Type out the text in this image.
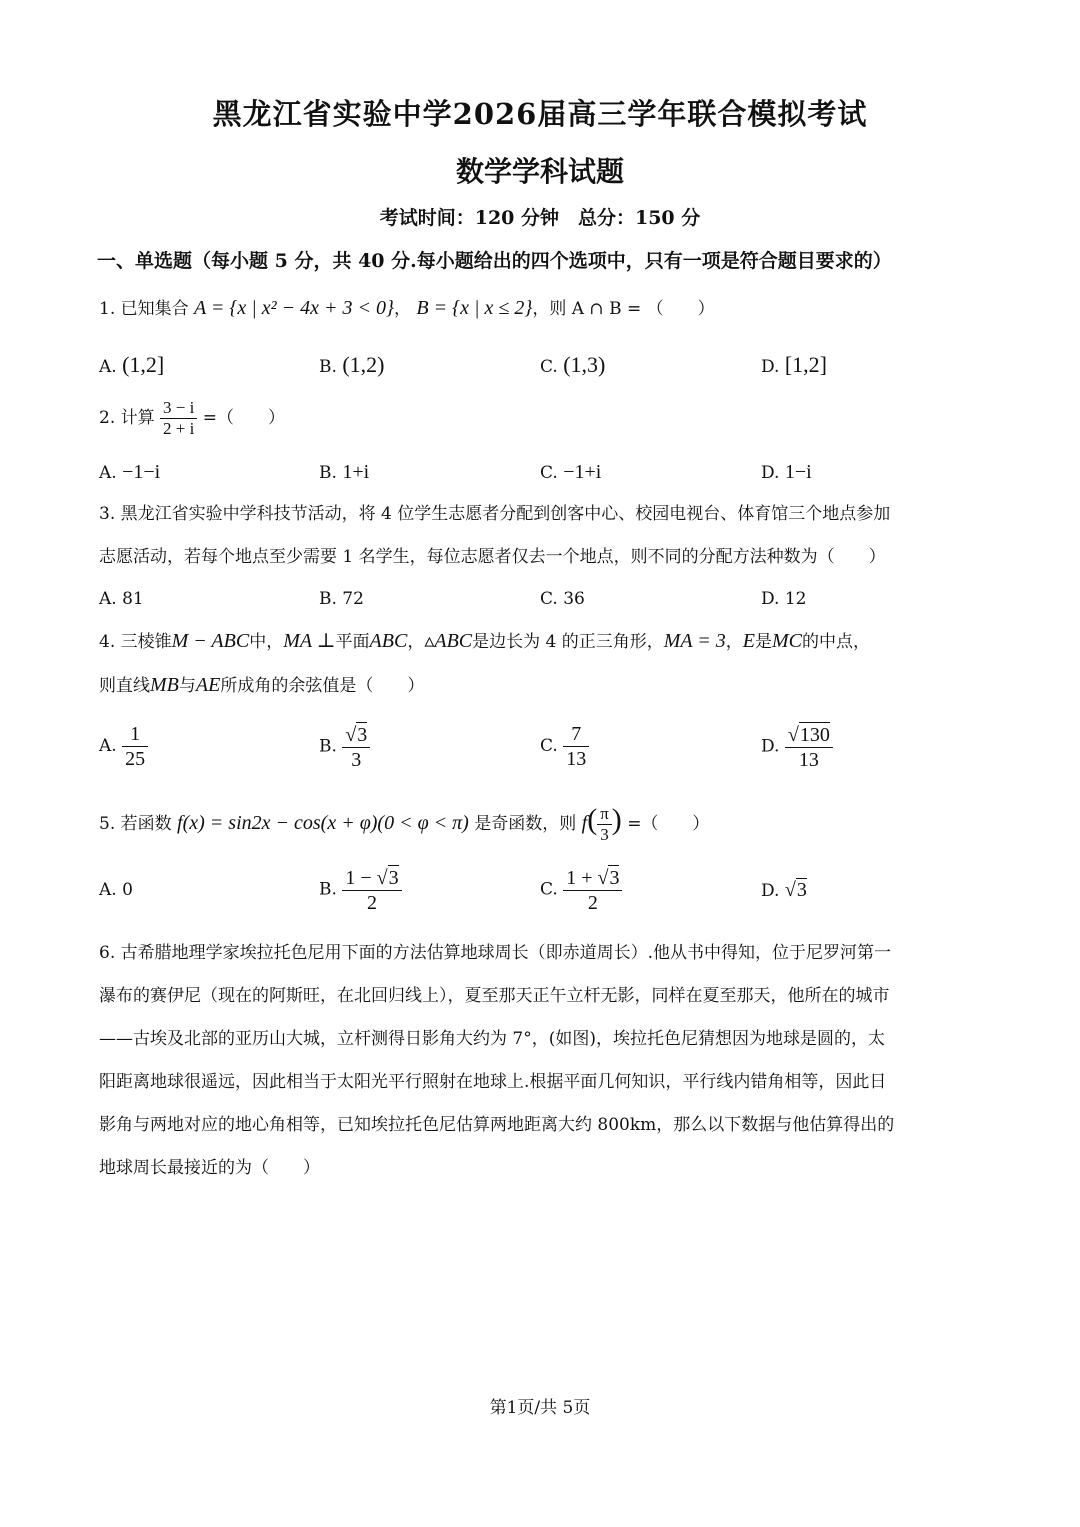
黑龙江省实验中学2026届高三学年联合模拟考试
数学学科试题
考试时间：120 分钟　总分：150 分
一、单选题（每小题 5 分，共 40 分.每小题给出的四个选项中，只有一项是符合题目要求的）
1. 已知集合 A = {x | x² − 4x + 3 < 0}， B = {x | x ≤ 2}，则 A ∩ B = （　　）
A. (1,2]	B. (1,2)	C. (1,3)	D. [1,2]
2. 计算 $\frac{3 - i}{2 + i}$ =（　　）
A. −1−i	B. 1+i	C. −1+i	D. 1−i
3. 黑龙江省实验中学科技节活动，将 4 位学生志愿者分配到创客中心、校园电视台、体育馆三个地点参加
志愿活动，若每个地点至少需要 1 名学生，每位志愿者仅去一个地点，则不同的分配方法种数为（　　）
A. 81	B. 72	C. 36	D. 12
4. 三棱锥M − ABC中，MA ⊥平面ABC，▵ABC是边长为 4 的正三角形，MA = 3，E是MC的中点，
则直线MB与AE所成角的余弦值是（　　）
A. $\frac{1}{25}$	B. $\frac{√3}{3}$	C. $\frac{7}{13}$	D. $\frac{√130}{13}$
5. 若函数 f(x) = sin2x − cos(x + φ)(0 < φ < π) 是奇函数，则 $f( \frac{\pi}{3}$ ) =（　　）
A. 0	B. $\frac{1 - √3}{2}$	C. $\frac{1 + √3}{2}$	D. √3
6. 古希腊地理学家埃拉托色尼用下面的方法估算地球周长（即赤道周长）.他从书中得知，位于尼罗河第一
瀑布的赛伊尼（现在的阿斯旺，在北回归线上），夏至那天正午立杆无影，同样在夏至那天，他所在的城市
——古埃及北部的亚历山大城，立杆测得日影角大约为 7°，(如图)，埃拉托色尼猜想因为地球是圆的，太
阳距离地球很遥远，因此相当于太阳光平行照射在地球上.根据平面几何知识，平行线内错角相等，因此日
影角与两地对应的地心角相等，已知埃拉托色尼估算两地距离大约 800km，那么以下数据与他估算得出的
地球周长最接近的为（　　）
第1页/共 5页
